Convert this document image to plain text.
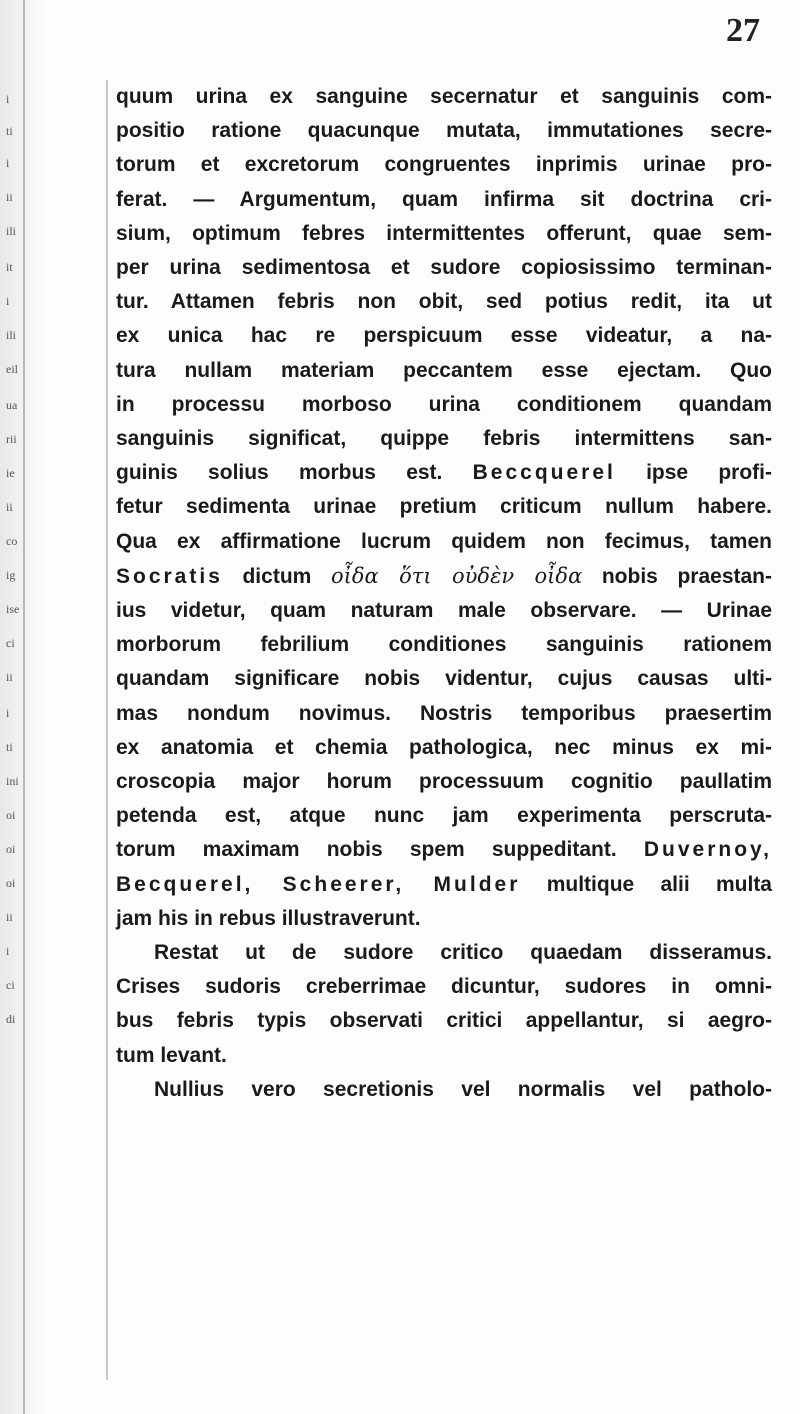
i
ti
i
ii
ili
it
i
ili
eil
ua
rii
ie
ii
co
ig
ise
ci
ii
i
ti
ini
oi
oi
oi
ii
i
ci
di
27
quum urina ex sanguine secernatur et sanguinis com-
positio ratione quacunque mutata, immutationes secre-
torum et excretorum congruentes inprimis urinae pro-
ferat. — Argumentum, quam infirma sit doctrina cri-
sium, optimum febres intermittentes offerunt, quae sem-
per urina sedimentosa et sudore copiosissimo terminan-
tur. Attamen febris non obit, sed potius redit, ita ut
ex unica hac re perspicuum esse videatur, a na-
tura nullam materiam peccantem esse ejectam. Quo
in processu morboso urina conditionem quandam
sanguinis significat, quippe febris intermittens san-
guinis solius morbus est. Beccquerel ipse profi-
fetur sedimenta urinae pretium criticum nullum habere.
Qua ex affirmatione lucrum quidem non fecimus, tamen
Socratis dictum οἶδα ὅτι οὐδὲν οἶδα nobis praestan-
ius videtur, quam naturam male observare. — Urinae
morborum febrilium conditiones sanguinis rationem
quandam significare nobis videntur, cujus causas ulti-
mas nondum novimus. Nostris temporibus praesertim
ex anatomia et chemia pathologica, nec minus ex mi-
croscopia major horum processuum cognitio paullatim
petenda est, atque nunc jam experimenta perscruta-
torum maximam nobis spem suppeditant. Duvernoy,
Becquerel, Scheerer, Mulder multique alii multa
jam his in rebus illustraverunt.
Restat ut de sudore critico quaedam disseramus.
Crises sudoris creberrimae dicuntur, sudores in omni-
bus febris typis observati critici appellantur, si aegro-
tum levant.
Nullius vero secretionis vel normalis vel patholo-
